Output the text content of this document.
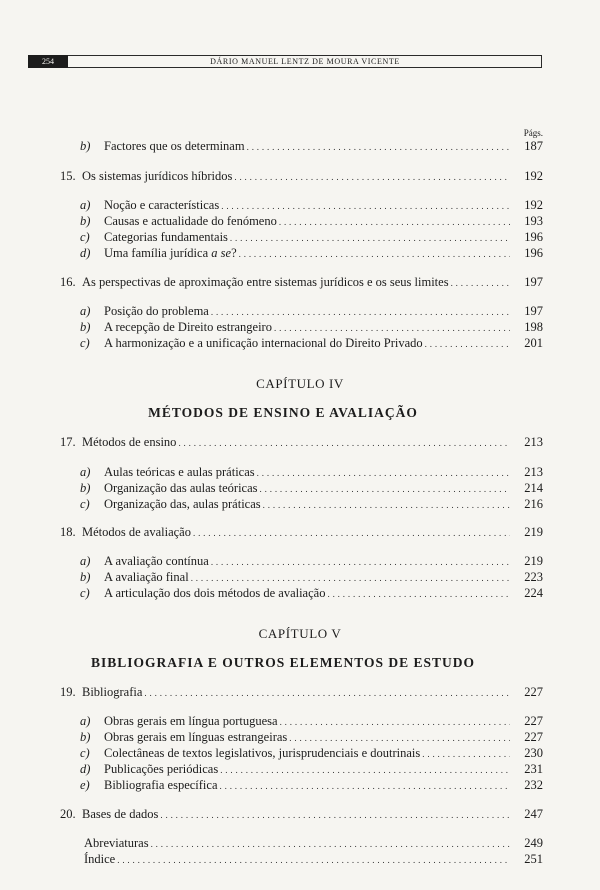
254	DÁRIO MANUEL LENTZ DE MOURA VICENTE
Págs.
b)	Factores que os determinam . . .	187
15. Os sistemas jurídicos híbridos . . .	192
a)	Noção e características . . .	192
b)	Causas e actualidade do fenómeno . . .	193
c)	Categorias fundamentais . . .	196
d)	Uma família jurídica a se? . . .	196
16. As perspectivas de aproximação entre sistemas jurídicos e os seus limites . . .	197
a)	Posição do problema . . .	197
b)	A recepção de Direito estrangeiro . . .	198
c)	A harmonização e a unificação internacional do Direito Privado . . .	201
CAPÍTULO IV
MÉTODOS DE ENSINO E AVALIAÇÃO
17. Métodos de ensino . . .	213
a)	Aulas teóricas e aulas práticas . . .	213
b)	Organização das aulas teóricas . . .	214
c)	Organização das, aulas práticas . . .	216
18. Métodos de avaliação . . .	219
a)	A avaliação contínua . . .	219
b)	A avaliação final . . .	223
c)	A articulação dos dois métodos de avaliação . . .	224
CAPÍTULO V
BIBLIOGRAFIA E OUTROS ELEMENTOS DE ESTUDO
19. Bibliografia . . .	227
a)	Obras gerais em língua portuguesa . . .	227
b)	Obras gerais em línguas estrangeiras . . .	227
c)	Colectâneas de textos legislativos, jurisprudenciais e doutrinais . . .	230
d)	Publicações periódicas . . .	231
e)	Bibliografia específica . . .	232
20. Bases de dados . . .	247
Abreviaturas . . .	249
Índice . . .	251
